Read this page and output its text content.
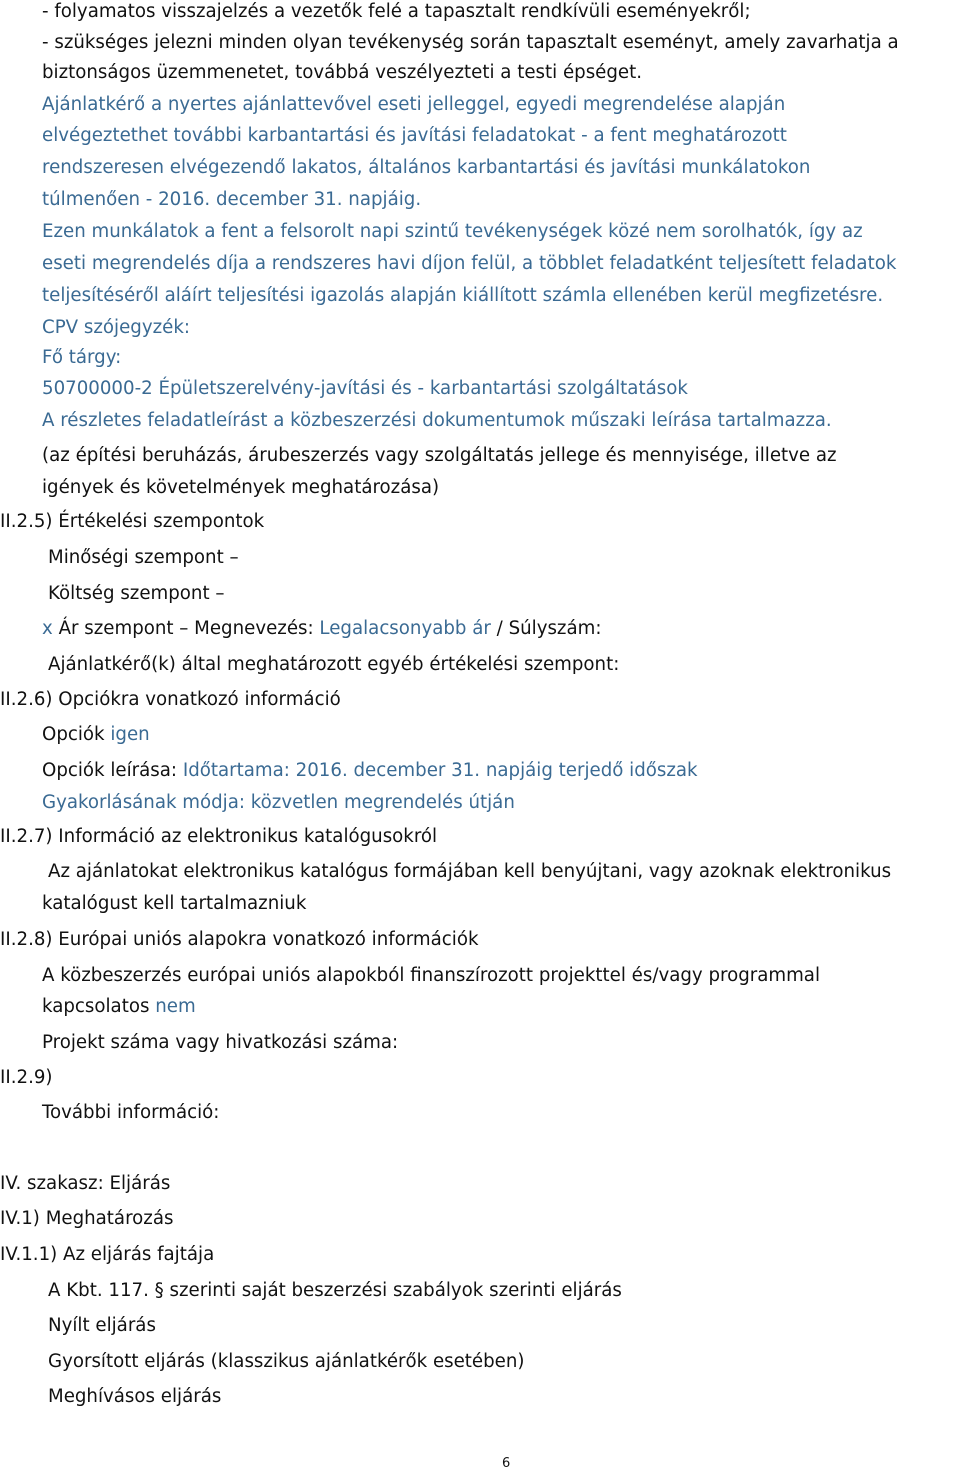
- folyamatos visszajelzés a vezetők felé a tapasztalt rendkívüli eseményekről;
- szükséges jelezni minden olyan tevékenység során tapasztalt eseményt, amely zavarhatja a
biztonságos üzemmenetet, továbbá veszélyezteti a testi épséget.
Ajánlatkérő a nyertes ajánlattevővel eseti jelleggel, egyedi megrendelése alapján
elvégeztethet további karbantartási és javítási feladatokat - a fent meghatározott
rendszeresen elvégezendő lakatos, általános karbantartási és javítási munkálatokon
túlmenően - 2016. december 31. napjáig.
Ezen munkálatok a fent a felsorolt napi szintű tevékenységek közé nem sorolhatók, így az
eseti megrendelés díja a rendszeres havi díjon felül, a többlet feladatként teljesített feladatok
teljesítéséről aláírt teljesítési igazolás alapján kiállított számla ellenében kerül megfizetésre.
CPV szójegyzék:
Fő tárgy:
50700000-2 Épületszerelvény-javítási és - karbantartási szolgáltatások
A részletes feladatleírást a közbeszerzési dokumentumok műszaki leírása tartalmazza.
(az építési beruházás, árubeszerzés vagy szolgáltatás jellege és mennyisége, illetve az
igények és követelmények meghatározása)
II.2.5) Értékelési szempontok
Minőségi szempont –
Költség szempont –
x Ár szempont – Megnevezés: Legalacsonyabb ár / Súlyszám:
Ajánlatkérő(k) által meghatározott egyéb értékelési szempont:
II.2.6) Opciókra vonatkozó információ
Opciók igen
Opciók leírása: Időtartama: 2016. december 31. napjáig terjedő időszak
Gyakorlásának módja: közvetlen megrendelés útján
II.2.7) Információ az elektronikus katalógusokról
Az ajánlatokat elektronikus katalógus formájában kell benyújtani, vagy azoknak elektronikus
katalógust kell tartalmazniuk
II.2.8) Európai uniós alapokra vonatkozó információk
A közbeszerzés európai uniós alapokból finanszírozott projekttel és/vagy programmal
kapcsolatos nem
Projekt száma vagy hivatkozási száma:
II.2.9)
További információ:
IV. szakasz: Eljárás
IV.1) Meghatározás
IV.1.1) Az eljárás fajtája
A Kbt. 117. § szerinti saját beszerzési szabályok szerinti eljárás
Nyílt eljárás
Gyorsított eljárás (klasszikus ajánlatkérők esetében)
Meghívásos eljárás
6
